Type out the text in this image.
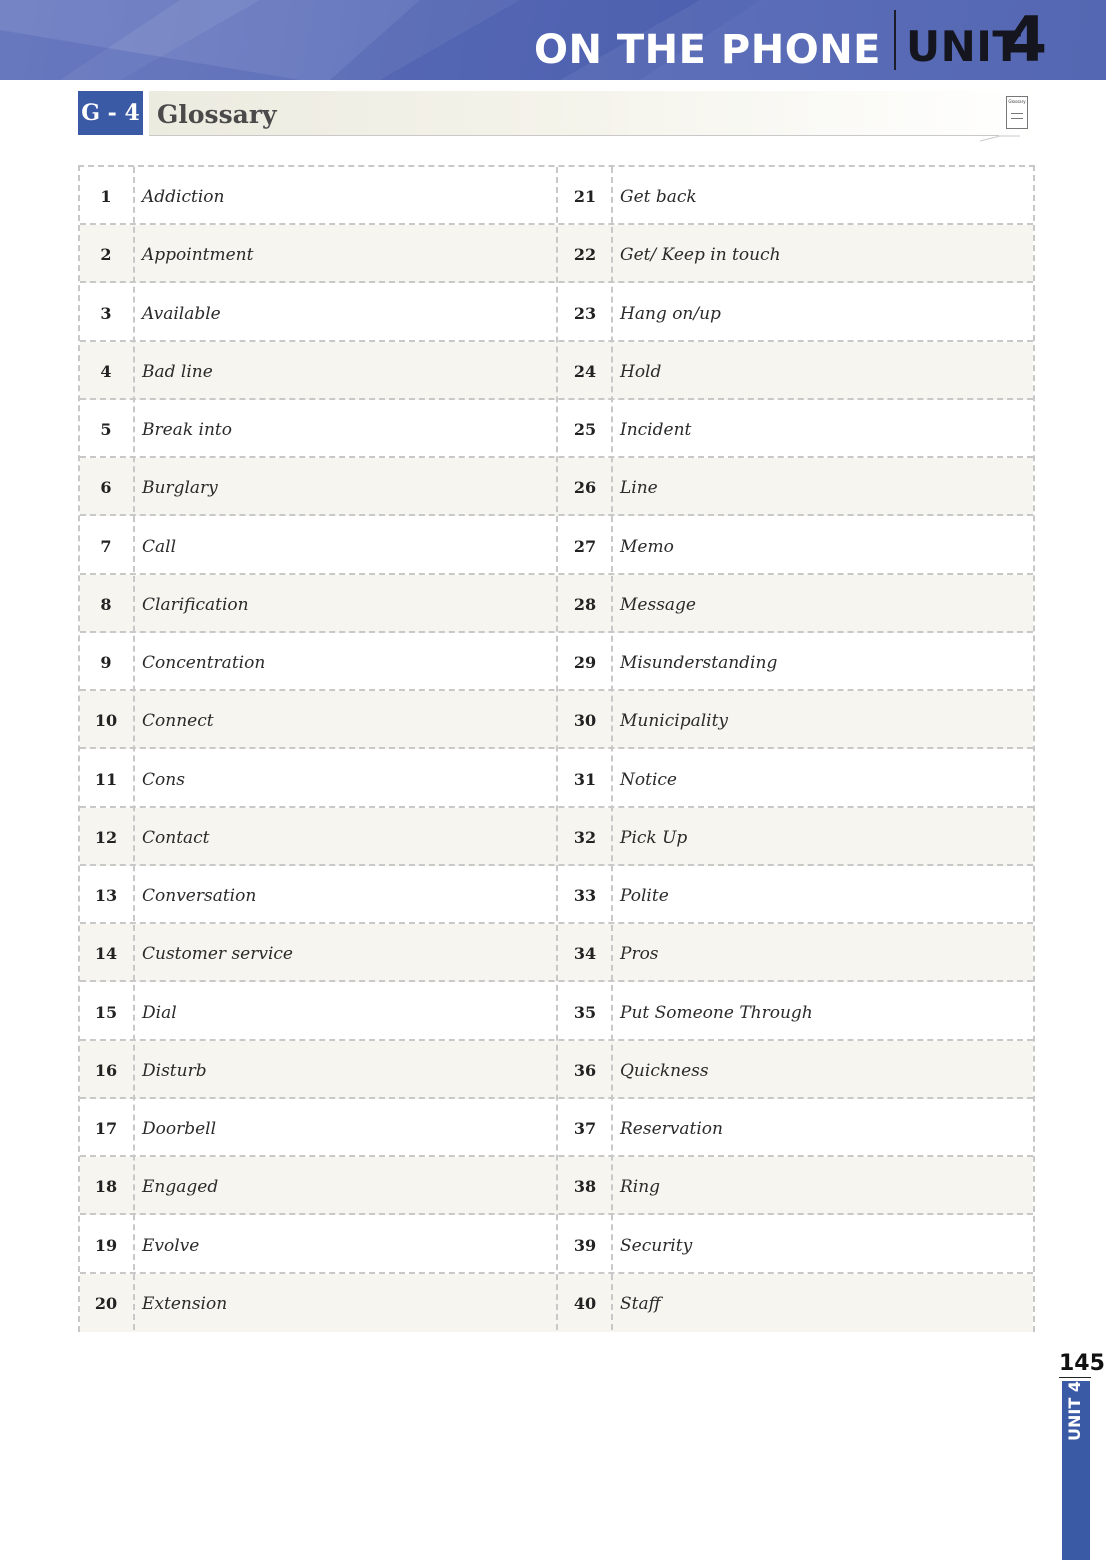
ON THE PHONE UNIT
4
G - 4 Glossary	Glossary
20	Extension	40	Staff
19	Evolve	39	Security
18	Engaged	38	Ring
17	Doorbell	37	Reservation
16	Disturb	36	Quickness
15	Dial	35	Put Someone Through
14	Customer service	34	Pros
13	Conversation	33	Polite
12	Contact	32	Pick Up
11	Cons	31	Notice
10	Connect	30	Municipality
9	Concentration	29	Misunderstanding
8	Clarification	28	Message
7	Call	27	Memo
6	Burglary	26	Line
5	Break into	25	Incident
4	Bad line	24	Hold
3	Available	23	Hang on/up
2	Appointment	22	Get/ Keep in touch
1	Addiction	21	Get back
145
UNIT 4
